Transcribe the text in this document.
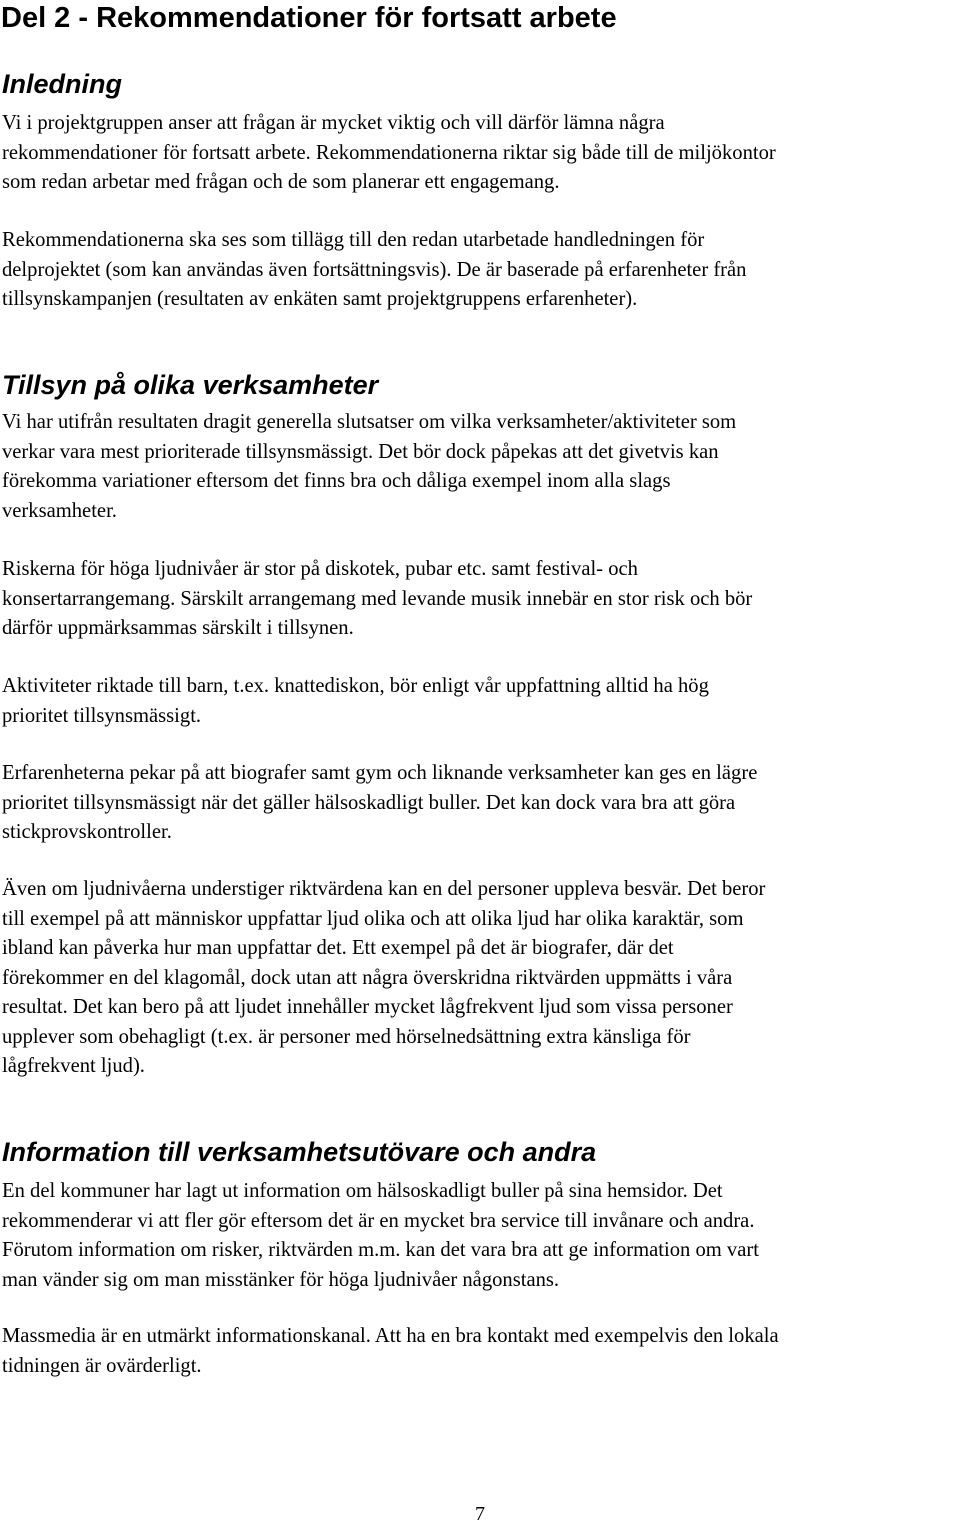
Del 2 - Rekommendationer för fortsatt arbete
Inledning

Vi i projektgruppen anser att frågan är mycket viktig och vill därför lämna några
rekommendationer för fortsatt arbete. Rekommendationerna riktar sig både till de miljökontor
som redan arbetar med frågan och de som planerar ett engagemang.

Rekommendationerna ska ses som tillägg till den redan utarbetade handledningen för
delprojektet (som kan användas även fortsättningsvis). De är baserade på erfarenheter från
tillsynskampanjen (resultaten av enkäten samt projektgruppens erfarenheter).

Tillsyn på olika verksamheter

Vi har utifrån resultaten dragit generella slutsatser om vilka verksamheter/aktiviteter som
verkar vara mest prioriterade tillsynsmässigt. Det bör dock påpekas att det givetvis kan
förekomma variationer eftersom det finns bra och dåliga exempel inom alla slags
verksamheter.

Riskerna för höga ljudnivåer är stor på diskotek, pubar etc. samt festival- och
konsertarrangemang. Särskilt arrangemang med levande musik innebär en stor risk och bör
därför uppmärksammas särskilt i tillsynen.

Aktiviteter riktade till barn, t.ex. knattediskon, bör enligt vår uppfattning alltid ha hög
prioritet tillsynsmässigt.

Erfarenheterna pekar på att biografer samt gym och liknande verksamheter kan ges en lägre
prioritet tillsynsmässigt när det gäller hälsoskadligt buller. Det kan dock vara bra att göra
stickprovskontroller.

Även om ljudnivåerna understiger riktvärdena kan en del personer uppleva besvär. Det beror
till exempel på att människor uppfattar ljud olika och att olika ljud har olika karaktär, som
ibland kan påverka hur man uppfattar det. Ett exempel på det är biografer, där det
förekommer en del klagomål, dock utan att några överskridna riktvärden uppmätts i våra
resultat. Det kan bero på att ljudet innehåller mycket lågfrekvent ljud som vissa personer
upplever som obehagligt (t.ex. är personer med hörselnedsättning extra känsliga för
lågfrekvent ljud).

Information till verksamhetsutövare och andra

En del kommuner har lagt ut information om hälsoskadligt buller på sina hemsidor. Det
rekommenderar vi att fler gör eftersom det är en mycket bra service till invånare och andra.
Förutom information om risker, riktvärden m.m. kan det vara bra att ge information om vart
man vänder sig om man misstänker för höga ljudnivåer någonstans.

Massmedia är en utmärkt informationskanal. Att ha en bra kontakt med exempelvis den lokala
tidningen är ovärderligt.

7
